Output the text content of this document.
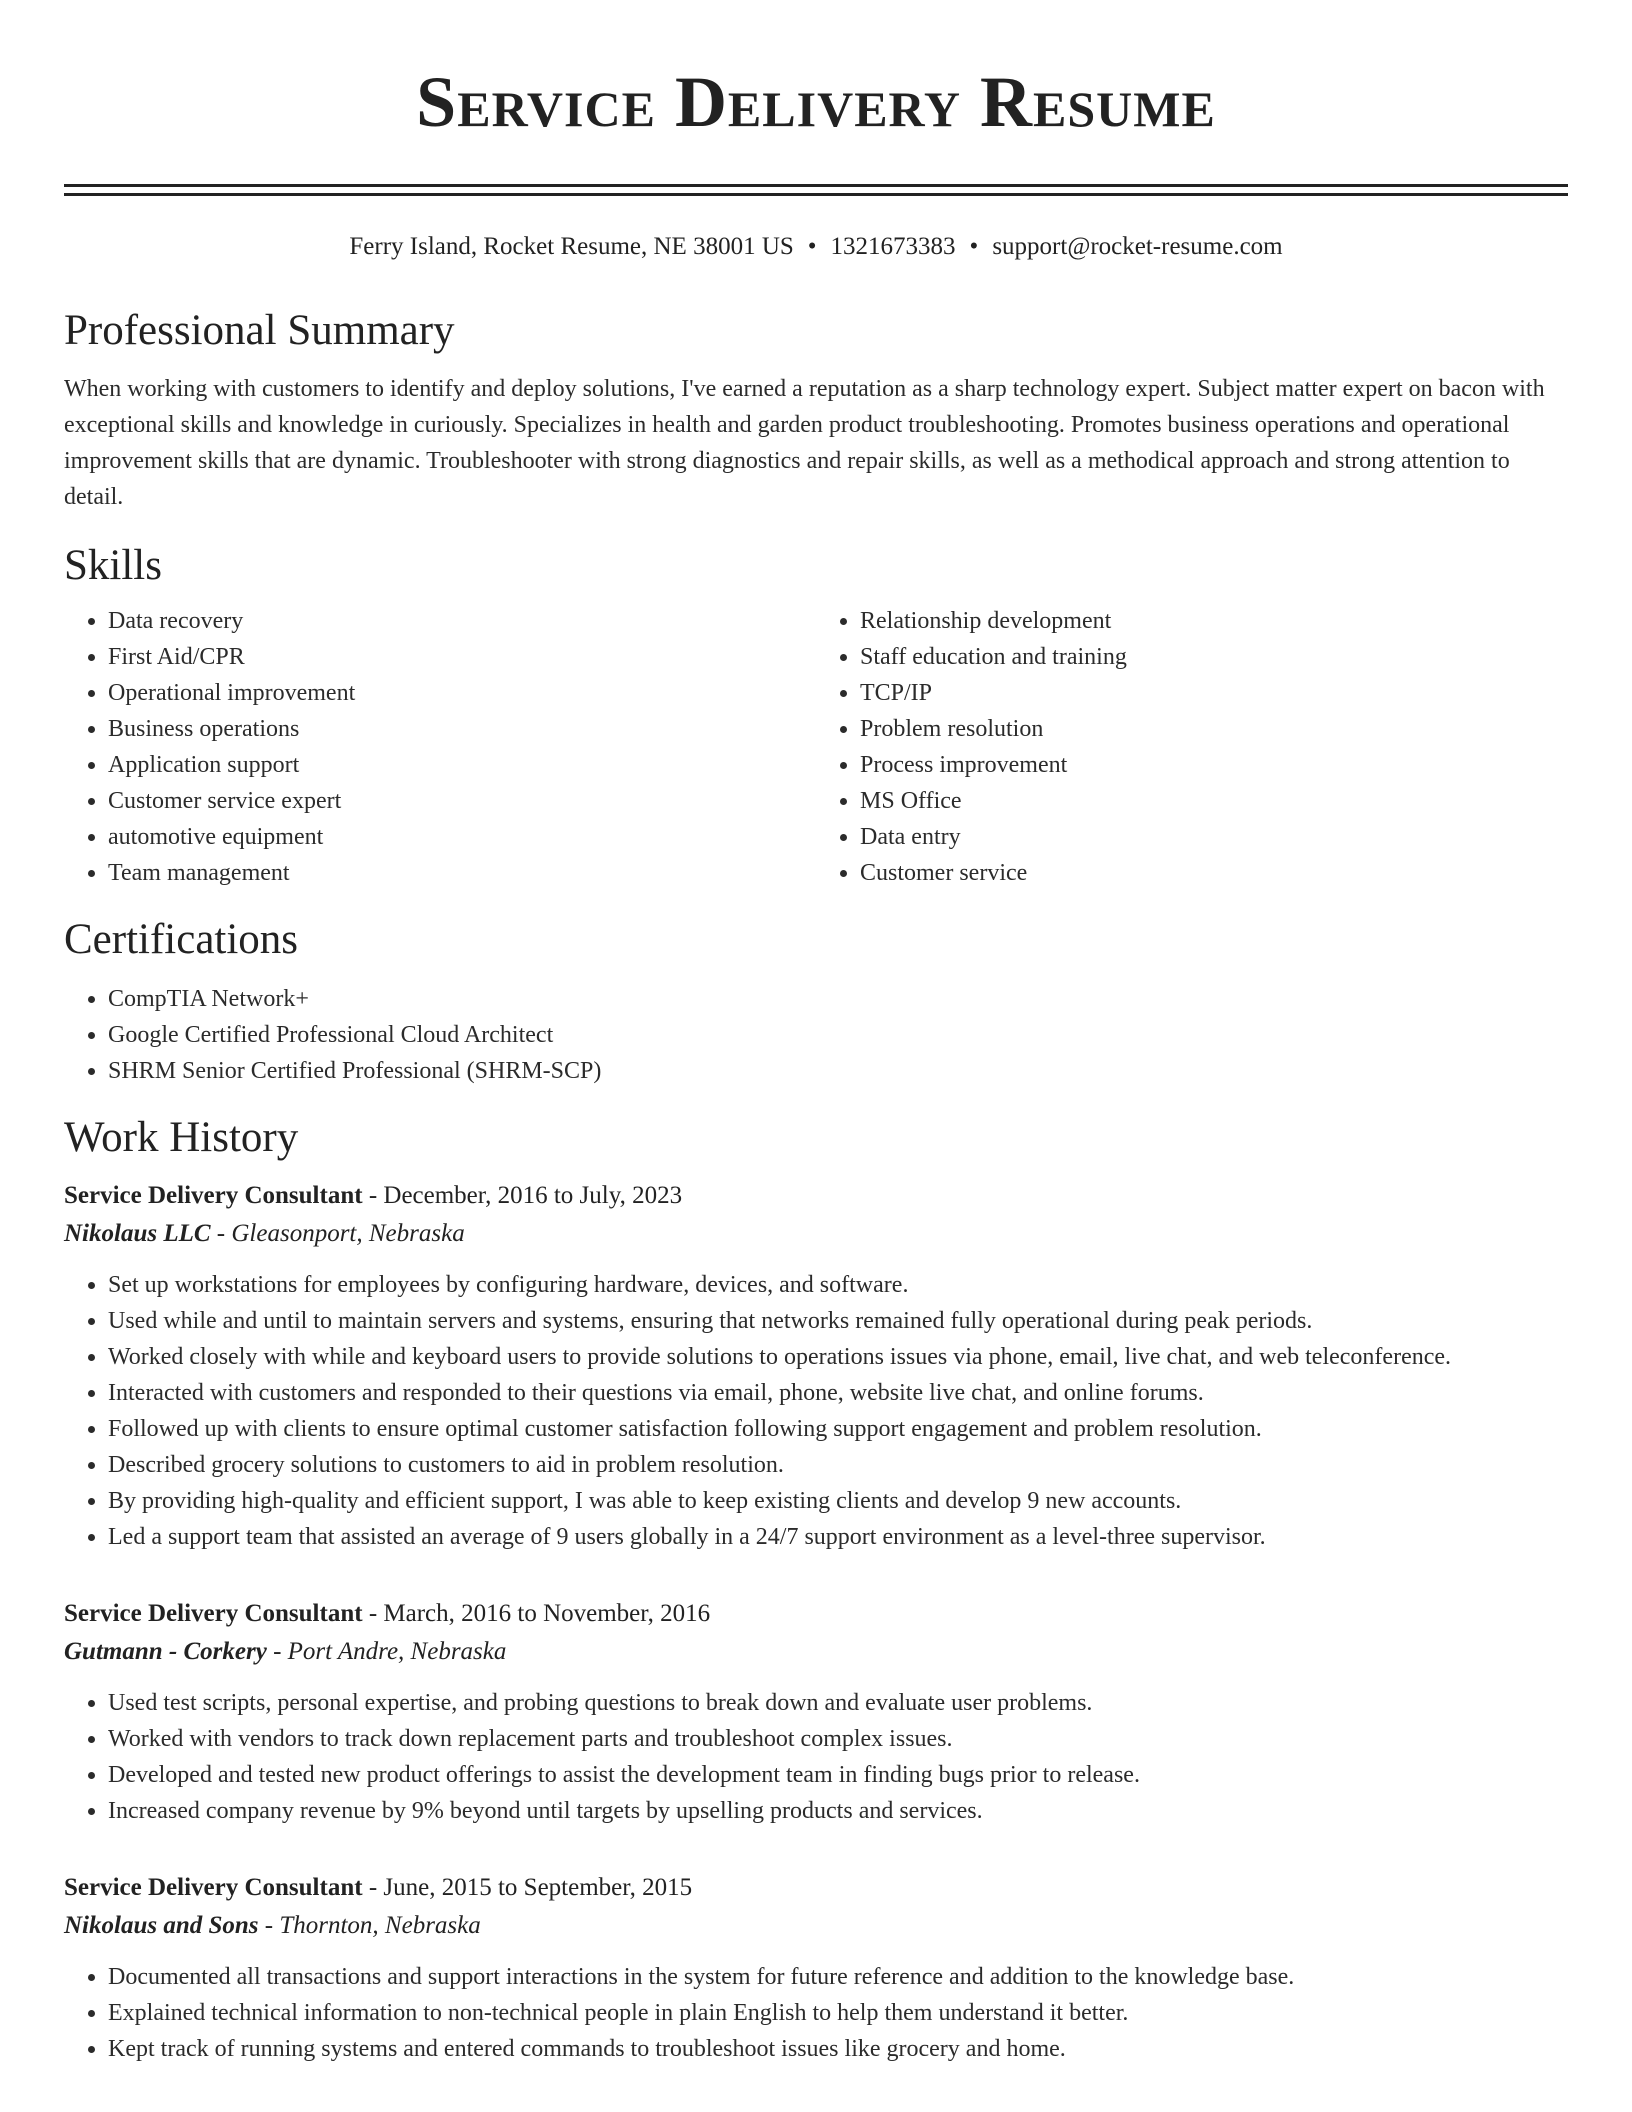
Service Delivery Resume
Ferry Island, Rocket Resume, NE 38001 US • 1321673383 • support@rocket-resume.com
Professional Summary

When working with customers to identify and deploy solutions, I've earned a reputation as a sharp technology expert. Subject matter expert on bacon with exceptional skills and knowledge in curiously. Specializes in health and garden product troubleshooting. Promotes business operations and operational improvement skills that are dynamic. Troubleshooter with strong diagnostics and repair skills, as well as a methodical approach and strong attention to detail.

Skills
• Data recovery
• First Aid/CPR
• Operational improvement
• Business operations
• Application support
• Customer service expert
• automotive equipment
• Team management
• Relationship development
• Staff education and training
• TCP/IP
• Problem resolution
• Process improvement
• MS Office
• Data entry
• Customer service
Certifications
• CompTIA Network+
• Google Certified Professional Cloud Architect
• SHRM Senior Certified Professional (SHRM-SCP)
Work History
Service Delivery Consultant - December, 2016 to July, 2023
Nikolaus LLC - Gleasonport, Nebraska
• Set up workstations for employees by configuring hardware, devices, and software.
• Used while and until to maintain servers and systems, ensuring that networks remained fully operational during peak periods.
• Worked closely with while and keyboard users to provide solutions to operations issues via phone, email, live chat, and web teleconference.
• Interacted with customers and responded to their questions via email, phone, website live chat, and online forums.
• Followed up with clients to ensure optimal customer satisfaction following support engagement and problem resolution.
• Described grocery solutions to customers to aid in problem resolution.
• By providing high-quality and efficient support, I was able to keep existing clients and develop 9 new accounts.
• Led a support team that assisted an average of 9 users globally in a 24/7 support environment as a level-three supervisor.
Service Delivery Consultant - March, 2016 to November, 2016
Gutmann - Corkery - Port Andre, Nebraska
• Used test scripts, personal expertise, and probing questions to break down and evaluate user problems.
• Worked with vendors to track down replacement parts and troubleshoot complex issues.
• Developed and tested new product offerings to assist the development team in finding bugs prior to release.
• Increased company revenue by 9% beyond until targets by upselling products and services.
Service Delivery Consultant - June, 2015 to September, 2015
Nikolaus and Sons - Thornton, Nebraska
• Documented all transactions and support interactions in the system for future reference and addition to the knowledge base.
• Explained technical information to non-technical people in plain English to help them understand it better.
• Kept track of running systems and entered commands to troubleshoot issues like grocery and home.
